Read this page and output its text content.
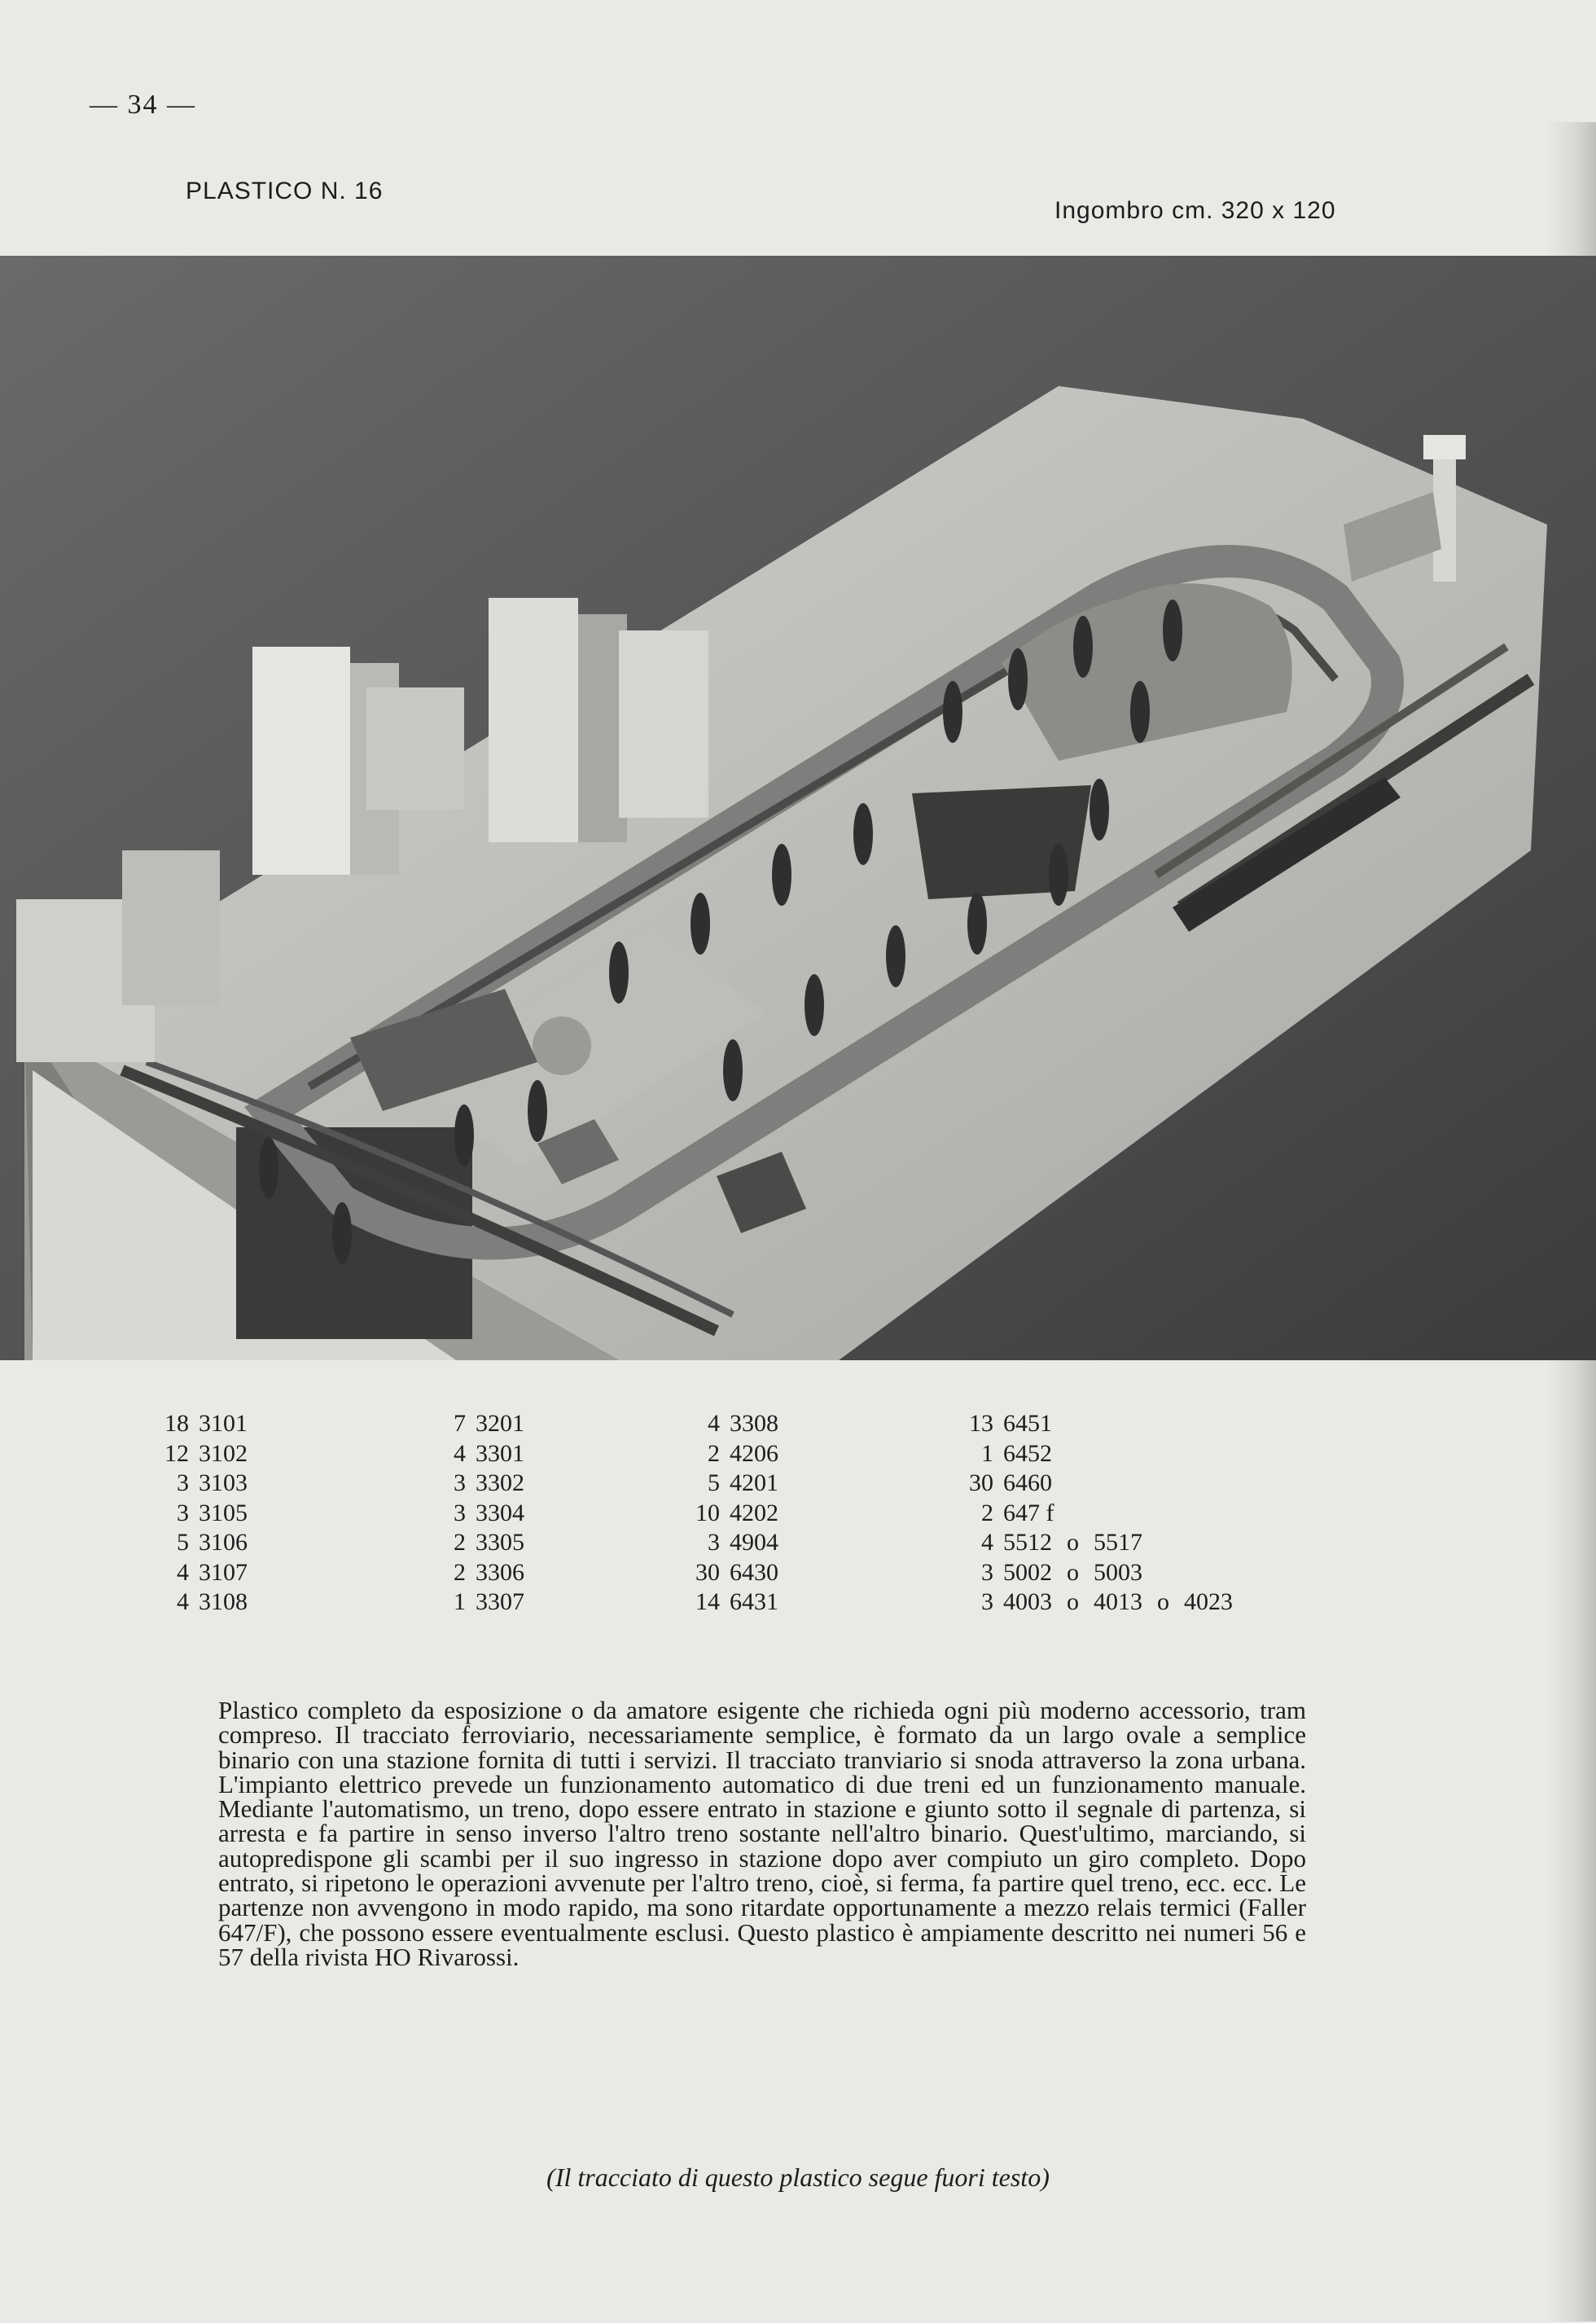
— 34 —
PLASTICO N. 16
Ingombro cm. 320 x 120
18 3101
12 3102
3 3103
3 3105
5 3106
4 3107
4 3108
7 3201
4 3301
3 3302
3 3304
2 3305
2 3306
1 3307
4 3308
2 4206
5 4201
10 4202
3 4904
30 6430
14 6431
13 6451
1 6452
30 6460
2 647 f
4 5512 o 5517
3 5002 o 5003
3 4003 o 4013 o 4023

Plastico completo da esposizione o da amatore esigente che richieda ogni più moderno accessorio, tram compreso. Il tracciato ferroviario, necessariamente semplice, è formato da un largo ovale a semplice binario con una stazione fornita di tutti i servizi. Il tracciato tranviario si snoda attraverso la zona urbana. L'impianto elettrico prevede un funzionamento automatico di due treni ed un funzionamento manuale. Mediante l'automatismo, un treno, dopo essere entrato in stazione e giunto sotto il segnale di partenza, si arresta e fa partire in senso inverso l'altro treno sostante nell'altro binario. Quest'ultimo, marciando, si autopredispone gli scambi per il suo ingresso in stazione dopo aver compiuto un giro completo. Dopo entrato, si ripetono le operazioni avvenute per l'altro treno, cioè, si ferma, fa partire quel treno, ecc. ecc. Le partenze non avvengono in modo rapido, ma sono ritardate opportunamente a mezzo relais termici (Faller 647/F), che possono essere eventualmente esclusi. Questo plastico è ampiamente descritto nei numeri 56 e 57 della rivista HO Rivarossi.

(Il tracciato di questo plastico segue fuori testo)
